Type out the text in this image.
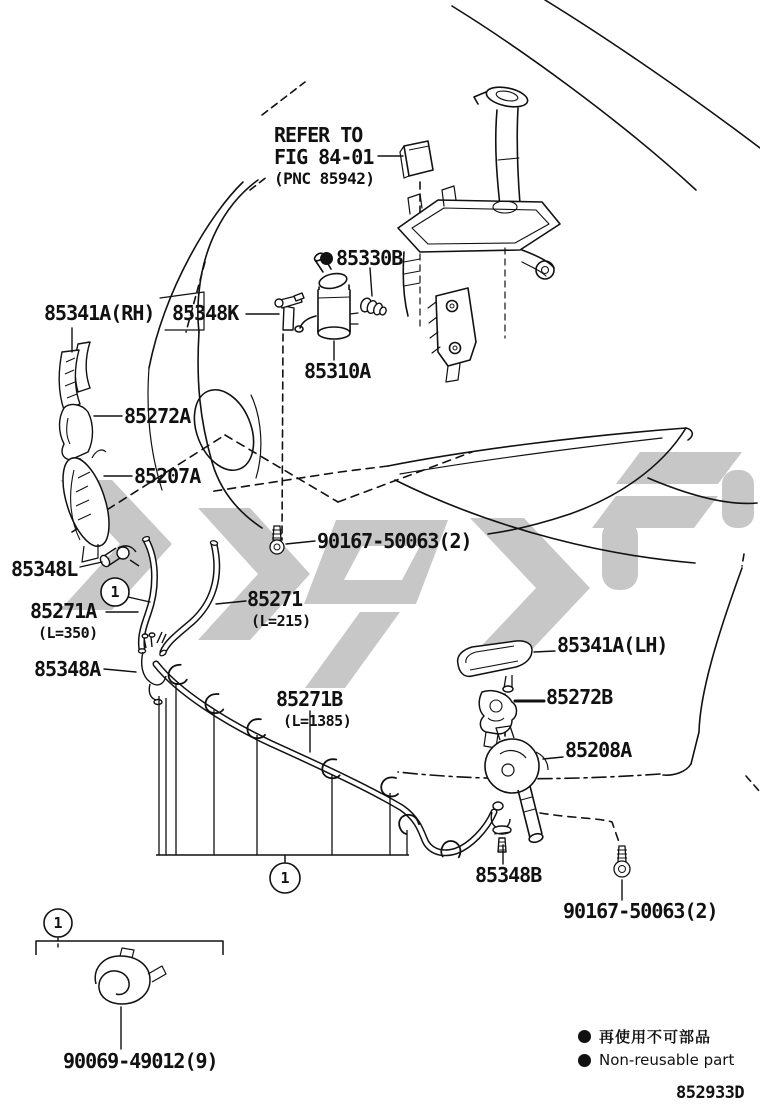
1
1
1
REFER TO
FIG 84-01
(PNC 85942)
85330B
85341A(RH) 85348K
85310A
85272A
85207A
90167-50063(2)
85348L
85271A
(L=350)
85271
(L=215)
85348A
85271B
(L=1385)
85341A(LH)
85272B
85208A
85348B
90167-50063(2)
90069-49012(9)
再使用不可部品
Non-reusable part
852933D
